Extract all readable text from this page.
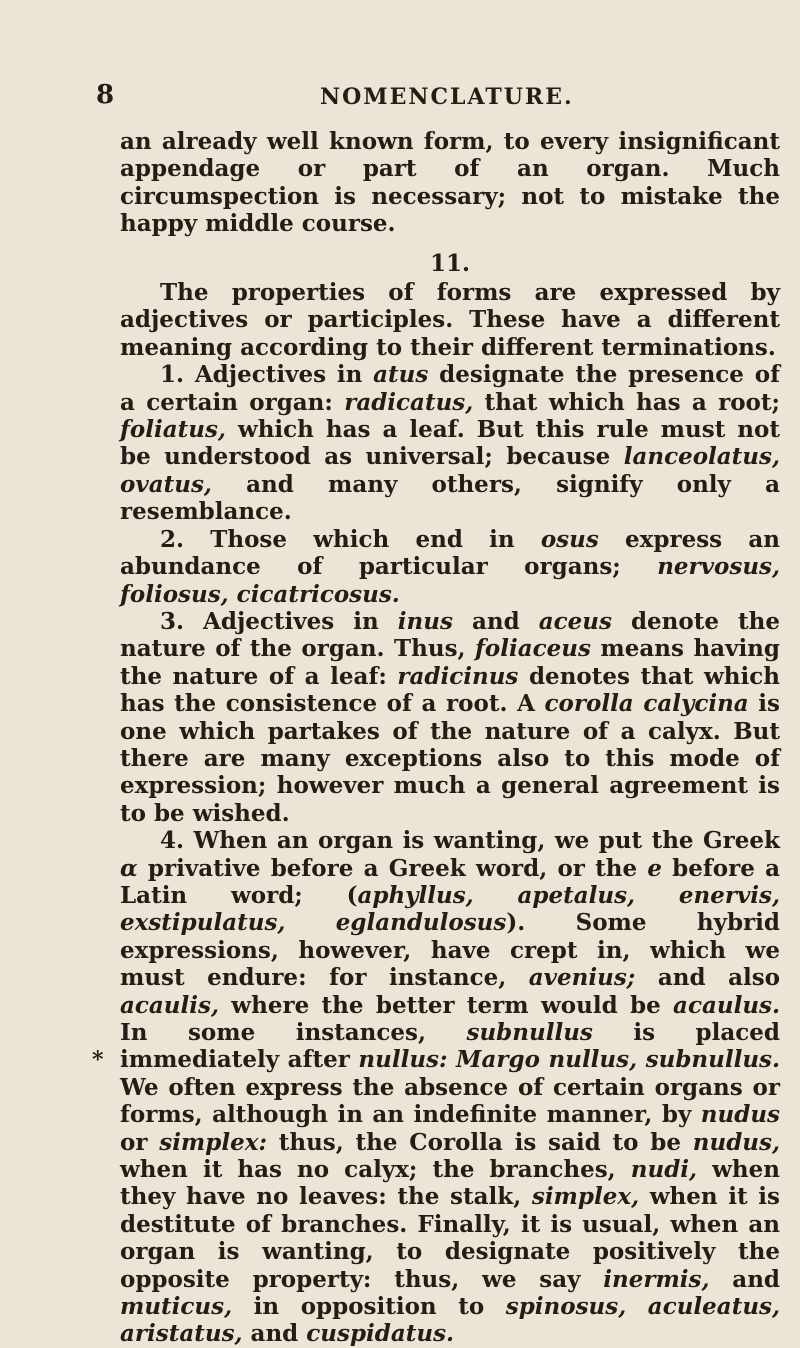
8	NOMENCLATURE.
*

an already well known form, to every insignificant appendage or part of an organ. Much circumspection is necessary; not to mistake the happy middle course.

11.

The properties of forms are expressed by adjectives or participles. These have a different meaning according to their different terminations.

1. Adjectives in atus designate the presence of a certain organ: radicatus, that which has a root; foliatus, which has a leaf. But this rule must not be understood as universal; because lanceolatus, ovatus, and many others, signify only a resemblance.

2. Those which end in osus express an abundance of particular organs; nervosus, foliosus, cicatricosus.

3. Adjectives in inus and aceus denote the nature of the organ. Thus, foliaceus means having the nature of a leaf: radicinus denotes that which has the consistence of a root. A corolla calycina is one which partakes of the nature of a calyx. But there are many exceptions also to this mode of expression; however much a general agreement is to be wished.

4. When an organ is wanting, we put the Greek α privative before a Greek word, or the e before a Latin word; (aphyllus, apetalus, enervis, exstipulatus, eglandulosus). Some hybrid expressions, however, have crept in, which we must endure: for instance, avenius; and also acaulis, where the better term would be acaulus. In some instances, subnullus is placed immediately after nullus: Margo nullus, subnullus. We often express the absence of certain organs or forms, although in an indefinite manner, by nudus or simplex: thus, the Corolla is said to be nudus, when it has no calyx; the branches, nudi, when they have no leaves: the stalk, simplex, when it is destitute of branches. Finally, it is usual, when an organ is wanting, to designate positively the opposite property: thus, we say inermis, and muticus, in opposition to spinosus, aculeatus, aristatus, and cuspidatus.
